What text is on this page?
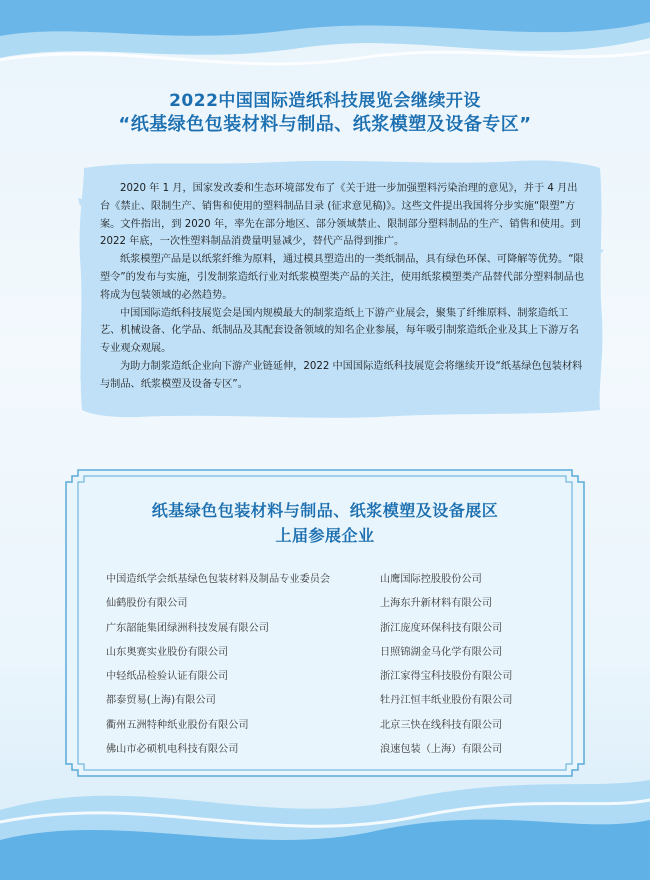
2022中国国际造纸科技展览会继续开设
“纸基绿色包装材料与制品、纸浆模塑及设备专区”

2020 年 1 月，国家发改委和生态环境部发布了《关于进一步加强塑料污染治理的意见》，并于 4 月出台《禁止、限制生产、销售和使用的塑料制品目录 (征求意见稿)》。这些文件提出我国将分步实施“限塑”方案。文件指出，到 2020 年，率先在部分地区、部分领域禁止、限制部分塑料制品的生产、销售和使用。到 2022 年底，一次性塑料制品消费量明显减少，替代产品得到推广。

纸浆模塑产品是以纸浆纤维为原料，通过模具塑造出的一类纸制品，具有绿色环保、可降解等优势。“限塑令”的发布与实施，引发制浆造纸行业对纸浆模塑类产品的关注，使用纸浆模塑类产品替代部分塑料制品也将成为包装领域的必然趋势。

中国国际造纸科技展览会是国内规模最大的制浆造纸上下游产业展会，聚集了纤维原料、制浆造纸工艺、机械设备、化学品、纸制品及其配套设备领域的知名企业参展，每年吸引制浆造纸企业及其上下游万名专业观众观展。

为助力制浆造纸企业向下游产业链延伸，2022 中国国际造纸科技展览会将继续开设“纸基绿色包装材料与制品、纸浆模塑及设备专区”。

纸基绿色包装材料与制品、纸浆模塑及设备展区
上届参展企业
中国造纸学会纸基绿色包装材料及制品专业委员会
仙鹤股份有限公司
广东韶能集团绿洲科技发展有限公司
山东奥赛实业股份有限公司
中轻纸品检验认证有限公司
都泰贸易(上海)有限公司
衢州五洲特种纸业股份有限公司
佛山市必硕机电科技有限公司
山鹰国际控股股份公司
上海东升新材料有限公司
浙江庞度环保科技有限公司
日照锦湖金马化学有限公司
浙江家得宝科技股份有限公司
牡丹江恒丰纸业股份有限公司
北京三快在线科技有限公司
浪速包装（上海）有限公司
